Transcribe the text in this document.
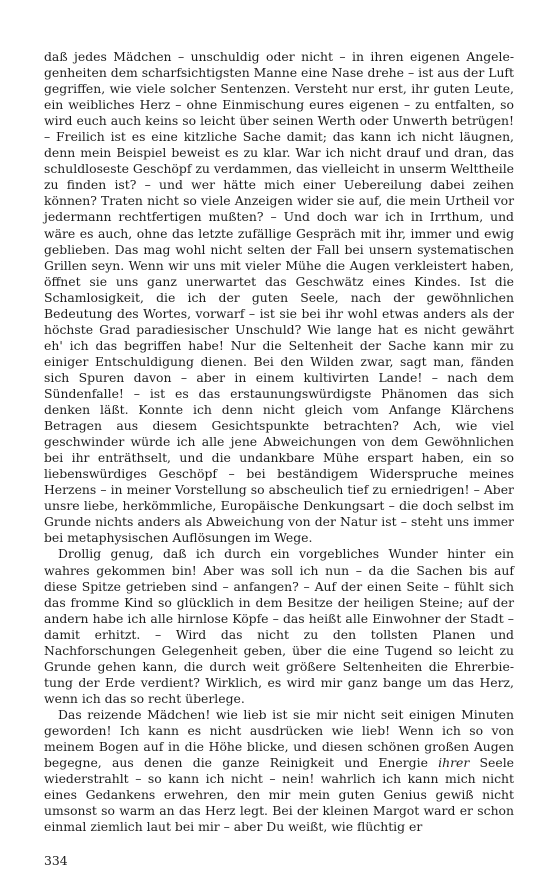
daß jedes Mädchen – unschuldig oder nicht – in ihren eigenen Angelegenheiten dem scharfsichtigsten Manne eine Nase drehe – ist aus der Luft gegriffen, wie viele solcher Sentenzen. Versteht nur erst, ihr guten Leute, ein weibliches Herz – ohne Einmischung eures eigenen – zu entfalten, so wird euch auch keins so leicht über seinen Werth oder Unwerth betrügen! – Freilich ist es eine kitzliche Sache damit; das kann ich nicht läugnen, denn mein Beispiel beweist es zu klar. War ich nicht drauf und dran, das schuldloseste Geschöpf zu verdammen, das vielleicht in unserm Welttheile zu finden ist? – und wer hätte mich einer Uebereilung dabei zeihen können? Traten nicht so viele Anzeigen wider sie auf, die mein Urtheil vor jedermann rechtfertigen mußten? – Und doch war ich in Irrthum, und wäre es auch, ohne das letzte zufällige Gespräch mit ihr, immer und ewig geblieben. Das mag wohl nicht selten der Fall bei unsern systematischen Grillen seyn. Wenn wir uns mit vieler Mühe die Augen verkleistert haben, öffnet sie uns ganz unerwartet das Geschwätz eines Kindes. Ist die Schamlosigkeit, die ich der guten Seele, nach der gewöhnlichen Bedeutung des Wortes, vorwarf – ist sie bei ihr wohl etwas anders als der höchste Grad paradiesischer Unschuld? Wie lange hat es nicht gewährt eh' ich das begriffen habe! Nur die Seltenheit der Sache kann mir zu einiger Entschuldigung dienen. Bei den Wilden zwar, sagt man, fänden sich Spuren davon – aber in einem kultivirten Lande! – nach dem Sündenfalle! – ist es das erstaunungswürdigste Phänomen das sich denken läßt. Konnte ich denn nicht gleich vom Anfange Klärchens Betragen aus diesem Gesichtspunkte betrachten? Ach, wie viel geschwinder würde ich alle jene Abweichungen von dem Gewöhnlichen bei ihr enträthselt, und die undankbare Mühe erspart haben, ein so liebenswürdiges Geschöpf – bei beständigem Widerspruche meines Herzens – in meiner Vorstellung so abscheulich tief zu erniedrigen! – Aber unsre liebe, herkömmliche, Europäische Denkungsart – die doch selbst im Grunde nichts anders als Abweichung von der Natur ist – steht uns immer bei metaphysischen Auflösungen im Wege.

Drollig genug, daß ich durch ein vorgebliches Wunder hinter ein wahres gekommen bin! Aber was soll ich nun – da die Sachen bis auf diese Spitze getrieben sind – anfangen? – Auf der einen Seite – fühlt sich das fromme Kind so glücklich in dem Besitze der heiligen Steine; auf der andern habe ich alle hirnlose Köpfe – das heißt alle Einwohner der Stadt – damit erhitzt. – Wird das nicht zu den tollsten Planen und Nachforschungen Gelegenheit geben, über die eine Tugend so leicht zu Grunde gehen kann, die durch weit größere Seltenheiten die Ehrerbietung der Erde verdient? Wirklich, es wird mir ganz bange um das Herz, wenn ich das so recht überlege.

Das reizende Mädchen! wie lieb ist sie mir nicht seit einigen Minuten geworden! Ich kann es nicht ausdrücken wie lieb! Wenn ich so von meinem Bogen auf in die Höhe blicke, und diesen schönen großen Augen begegne, aus denen die ganze Reinigkeit und Energie ihrer Seele wiederstrahlt – so kann ich nicht – nein! wahrlich ich kann mich nicht eines Gedankens erwehren, den mir mein guten Genius gewiß nicht umsonst so warm an das Herz legt. Bei der kleinen Margot ward er schon einmal ziemlich laut bei mir – aber Du weißt, wie flüchtig er

334
